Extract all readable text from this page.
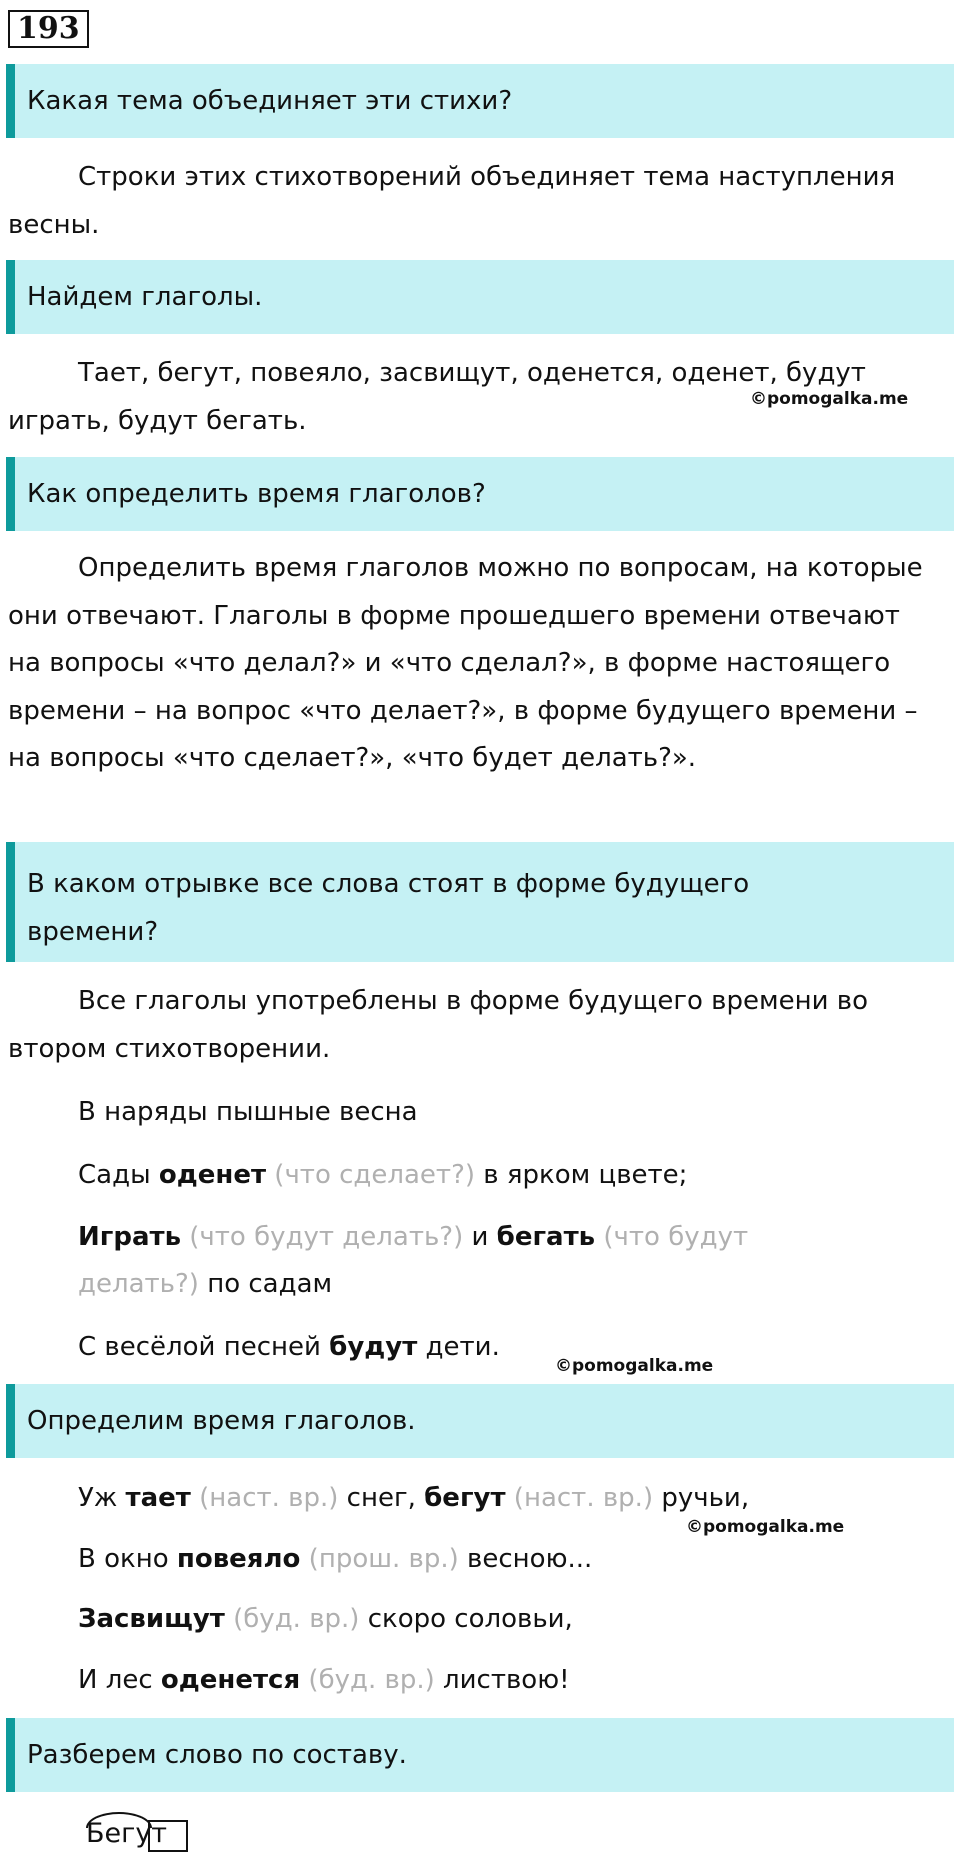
193
Какая тема объединяет эти стихи?
Строки этих стихотворений объединяет тема наступления весны.
Найдем глаголы.
Тает, бегут, повеяло, засвищут, оденется, оденет, будут играть, будут бегать.
©pomogalka.me
Как определить время глаголов?
Определить время глаголов можно по вопросам, на которые они отвечают. Глаголы в форме прошедшего времени отвечают на вопросы «что делал?» и «что сделал?», в форме настоящего времени – на вопрос «что делает?», в форме будущего времени – на вопросы «что сделает?», «что будет делать?».
В каком отрывке все слова стоят в форме будущего времени?
Все глаголы употреблены в форме будущего времени во втором стихотворении.
В наряды пышные весна
Сады оденет (что сделает?) в ярком цвете;
Играть (что будут делать?) и бегать (что будут делать?) по садам
С весёлой песней будут дети.
©pomogalka.me
Определим время глаголов.
Уж тает (наст. вр.) снег, бегут (наст. вр.) ручьи,
©pomogalka.me
В окно повеяло (прош. вр.) весною...
Засвищут (буд. вр.) скоро соловьи,
И лес оденется (буд. вр.) листвою!
Разберем слово по составу.
Бегут
